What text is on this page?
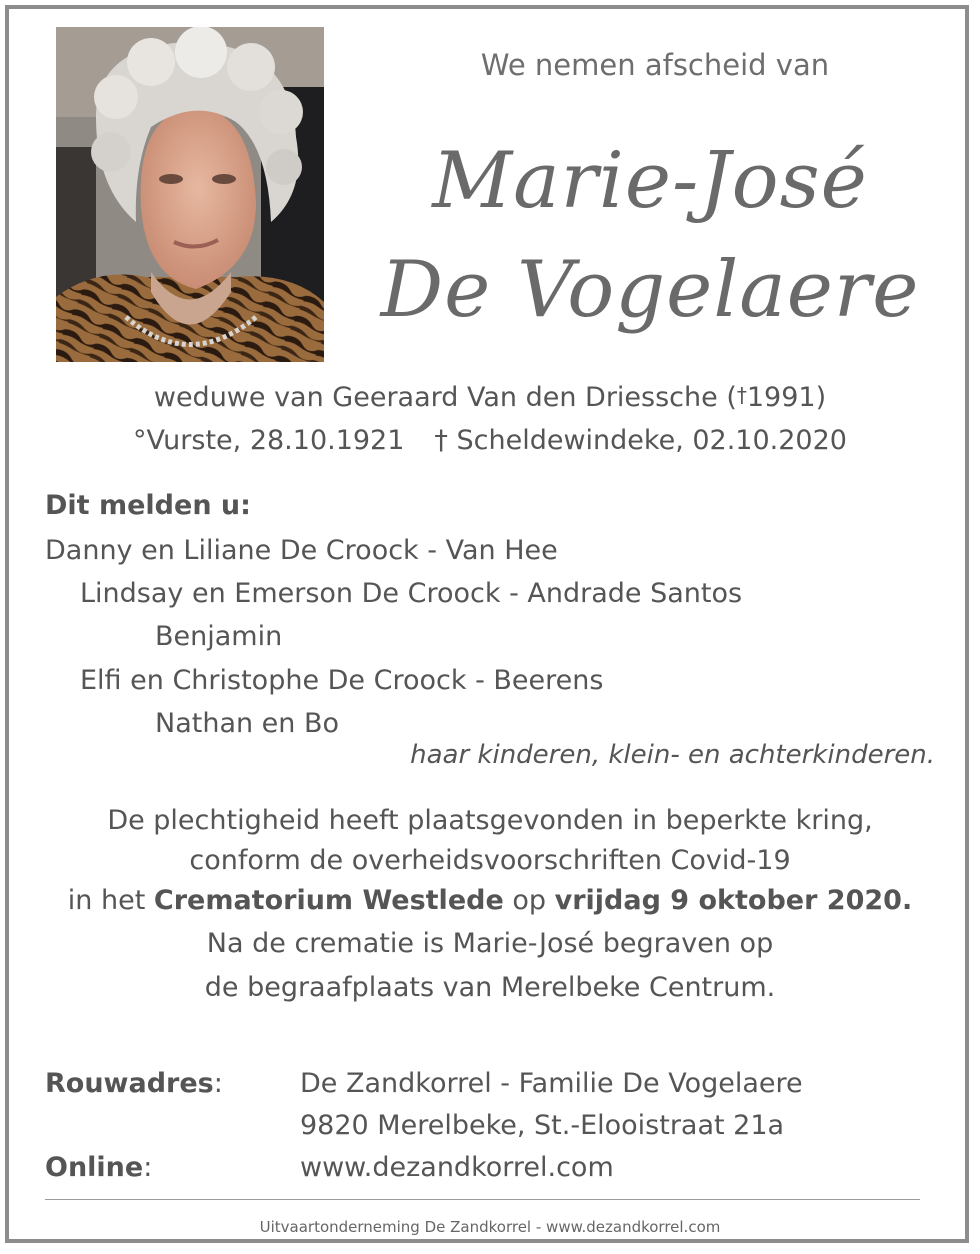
We nemen afscheid van
Marie-José
De Vogelaere
weduwe van Geeraard Van den Driessche (†1991)
°Vurste, 28.10.1921 † Scheldewindeke, 02.10.2020
Dit melden u:
Danny en Liliane De Croock - Van Hee
Lindsay en Emerson De Croock - Andrade Santos
Benjamin
Elfi en Christophe De Croock - Beerens
Nathan en Bo
haar kinderen, klein- en achterkinderen.
De plechtigheid heeft plaatsgevonden in beperkte kring,
conform de overheidsvoorschriften Covid-19
in het Crematorium Westlede op vrijdag 9 oktober 2020.
Na de crematie is Marie-José begraven op
de begraafplaats van Merelbeke Centrum.
Rouwadres:	De Zandkorrel - Familie De Vogelaere
9820 Merelbeke, St.-Elooistraat 21a
Online:	www.dezandkorrel.com
Uitvaartonderneming De Zandkorrel - www.dezandkorrel.com
